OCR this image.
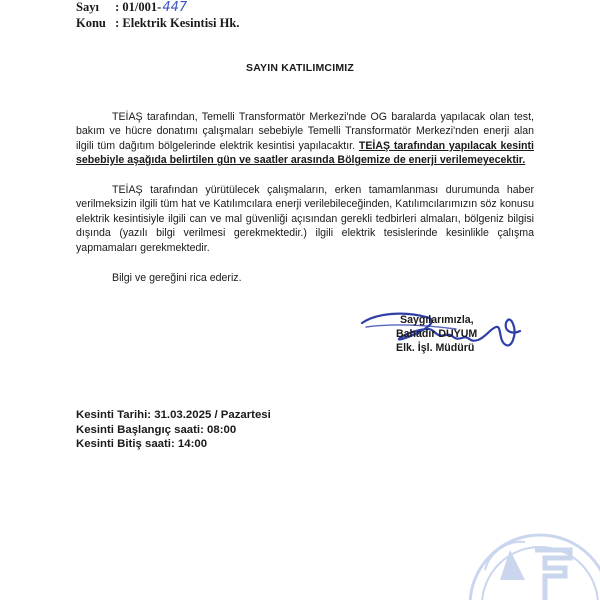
Sayı : 01/001-447
Konu : Elektrik Kesintisi Hk.
SAYIN KATILIMCIMIZ
TEİAŞ tarafından, Temelli Transformatör Merkezi'nde OG baralarda yapılacak olan test, bakım ve hücre donatımı çalışmaları sebebiyle Temelli Transformatör Merkezi'nden enerji alan ilgili tüm dağıtım bölgelerinde elektrik kesintisi yapılacaktır. TEİAŞ tarafından yapılacak kesinti sebebiyle aşağıda belirtilen gün ve saatler arasında Bölgemize de enerji verilemeyecektir.
TEİAŞ tarafından yürütülecek çalışmaların, erken tamamlanması durumunda haber verilmeksizin ilgili tüm hat ve Katılımcılara enerji verilebileceğinden, Katılımcılarımızın söz konusu elektrik kesintisiyle ilgili can ve mal güvenliği açısından gerekli tedbirleri almaları, bölgeniz bilgisi dışında (yazılı bilgi verilmesi gerekmektedir.) ilgili elektrik tesislerinde kesinlikle çalışma yapmamaları gerekmektedir.
Bilgi ve gereğini rica ederiz.
Saygılarımızla,
Bahadır DUYUM
Elk. İşl. Müdürü
Kesinti Tarihi: 31.03.2025 / Pazartesi
Kesinti Başlangıç saati: 08:00
Kesinti Bitiş saati: 14:00
